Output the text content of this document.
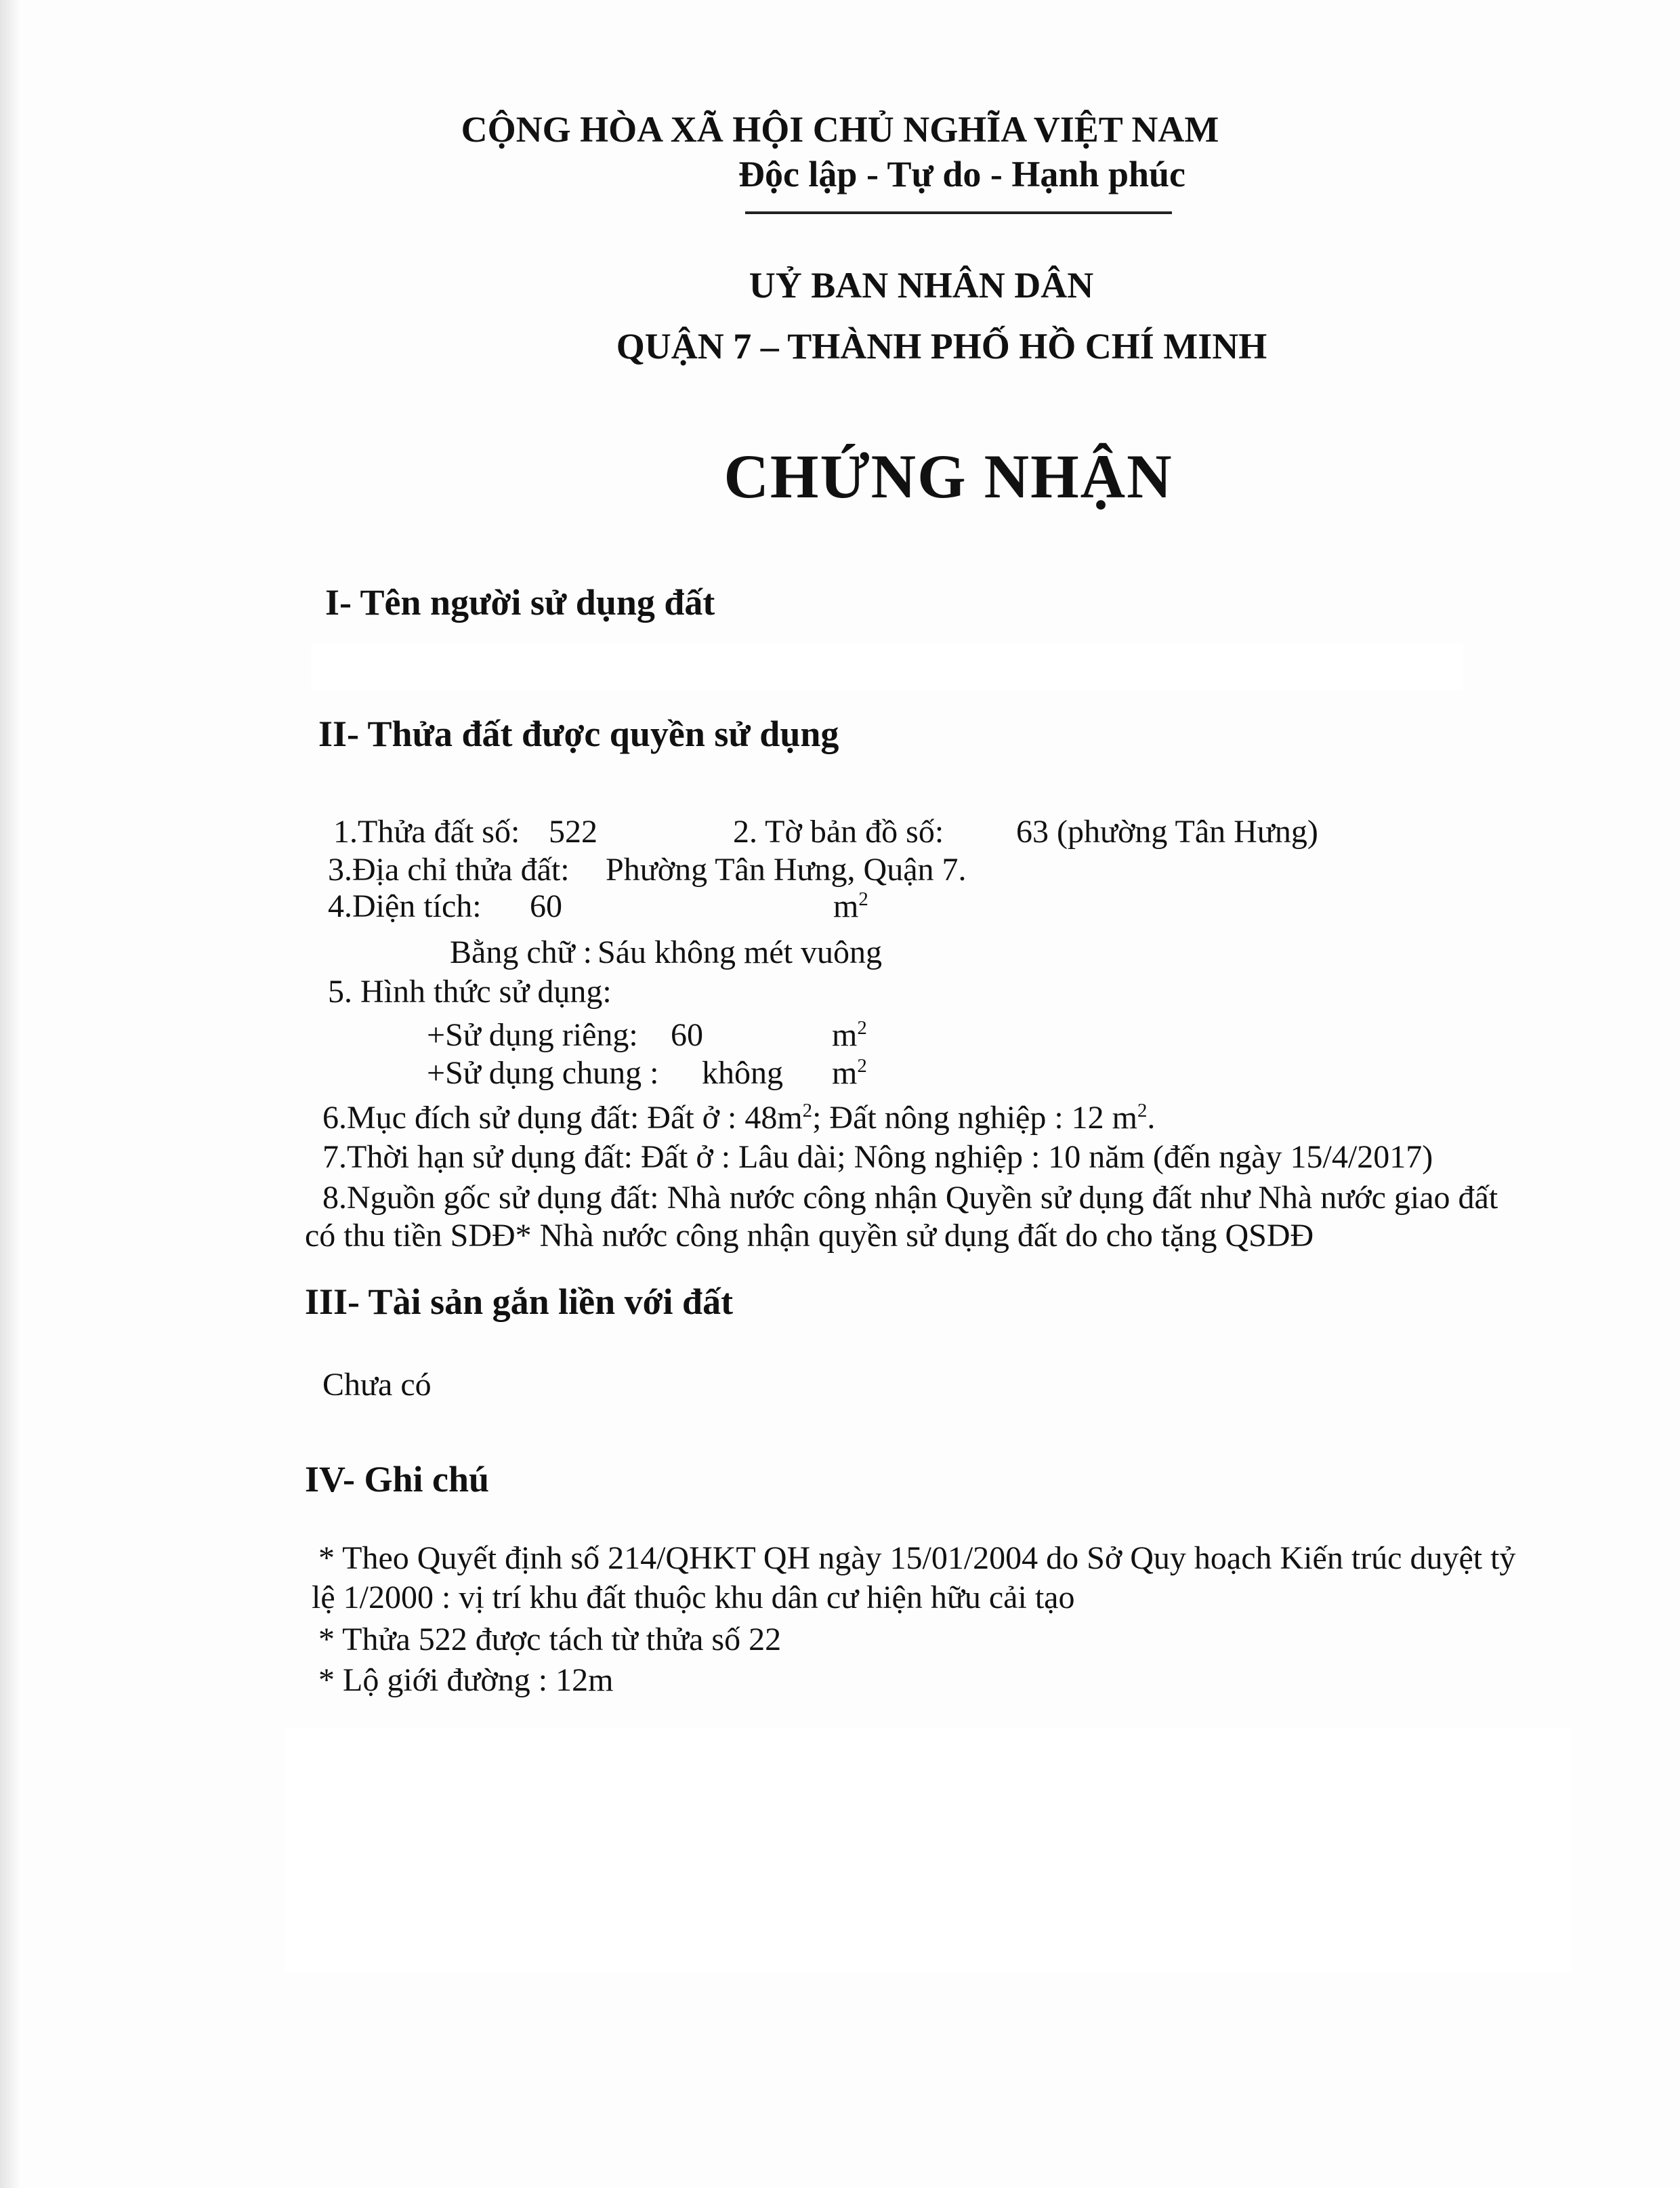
CỘNG HÒA XÃ HỘI CHỦ NGHĨA VIỆT NAM
Độc lập - Tự do - Hạnh phúc
UỶ BAN NHÂN DÂN
QUẬN 7 – THÀNH PHỐ HỒ CHÍ MINH
CHỨNG NHẬN
I- Tên người sử dụng đất
II- Thửa đất được quyền sử dụng
1.Thửa đất số: 522	2. Tờ bản đồ số: 63 (phường Tân Hưng)
3.Địa chỉ thửa đất: Phường Tân Hưng, Quận 7.
4.Diện tích: 60	$m^2$
Bằng chữ : Sáu không mét vuông
5. Hình thức sử dụng:
+Sử dụng riêng: 60	$m^2$
+Sử dụng chung : không $m^2$
6.Mục đích sử dụng đất: Đất ở : $48m^2$; Đất nông nghiệp : 12 $m^2$.
7.Thời hạn sử dụng đất: Đất ở : Lâu dài; Nông nghiệp : 10 năm (đến ngày 15/4/2017)
8.Nguồn gốc sử dụng đất: Nhà nước công nhận Quyền sử dụng đất như Nhà nước giao đất
có thu tiền SDĐ* Nhà nước công nhận quyền sử dụng đất do cho tặng QSDĐ
III- Tài sản gắn liền với đất
Chưa có
IV- Ghi chú
* Theo Quyết định số 214/QHKT QH ngày 15/01/2004 do Sở Quy hoạch Kiến trúc duyệt tỷ
lệ 1/2000 : vị trí khu đất thuộc khu dân cư hiện hữu cải tạo
* Thửa 522 được tách từ thửa số 22
* Lộ giới đường : 12m
